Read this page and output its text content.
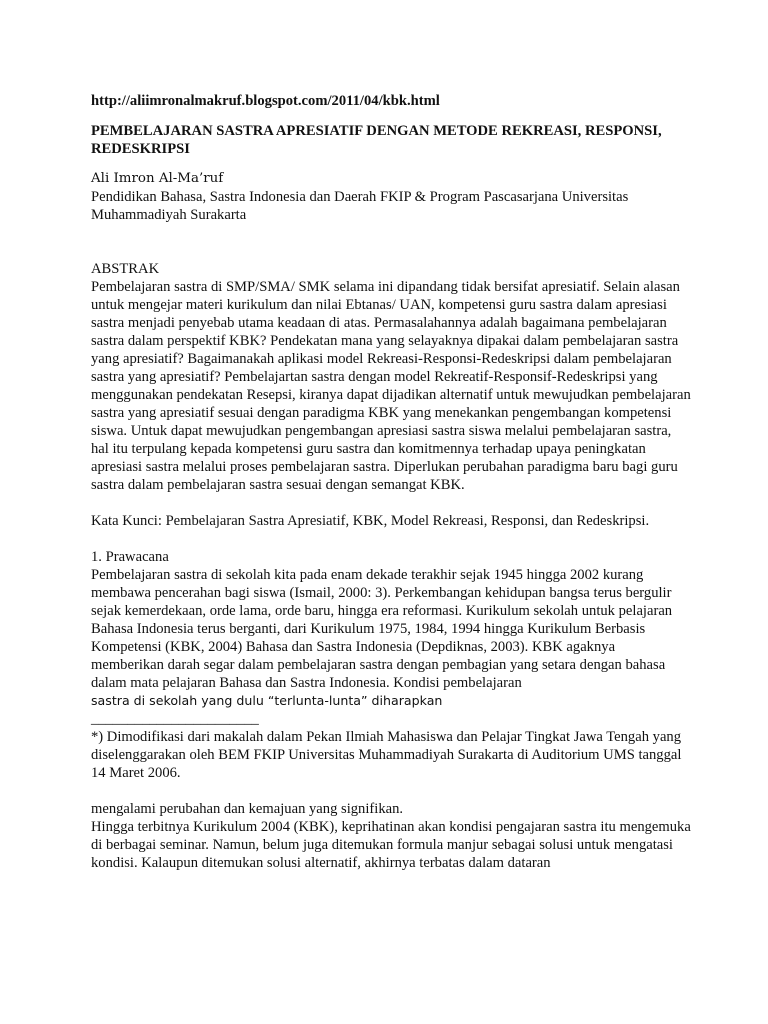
http://aliimronalmakruf.blogspot.com/2011/04/kbk.html

PEMBELAJARAN SASTRA APRESIATIF DENGAN METODE REKREASI, RESPONSI, REDESKRIPSI

Ali Imron Al-Ma’ruf

Pendidikan Bahasa, Sastra Indonesia dan Daerah FKIP & Program Pascasarjana Universitas Muhammadiyah Surakarta

ABSTRAK

Pembelajaran sastra di SMP/SMA/ SMK selama ini dipandang tidak bersifat apresiatif. Selain alasan untuk mengejar materi kurikulum dan nilai Ebtanas/ UAN, kompetensi guru sastra dalam apresiasi sastra menjadi penyebab utama keadaan di atas. Permasalahannya adalah bagaimana pembelajaran sastra dalam perspektif KBK? Pendekatan mana yang selayaknya dipakai dalam pembelajaran sastra yang apresiatif? Bagaimanakah aplikasi model Rekreasi-Responsi-Redeskripsi dalam pembelajaran sastra yang apresiatif? Pembelajartan sastra dengan model Rekreatif-Responsif-Redeskripsi yang menggunakan pendekatan Resepsi, kiranya dapat dijadikan alternatif untuk mewujudkan pembelajaran sastra yang apresiatif sesuai dengan paradigma KBK yang menekankan pengembangan kompetensi siswa. Untuk dapat mewujudkan pengembangan apresiasi sastra siswa melalui pembelajaran sastra, hal itu terpulang kepada kompetensi guru sastra dan komitmennya terhadap upaya peningkatan apresiasi sastra melalui proses pembelajaran sastra. Diperlukan perubahan paradigma baru bagi guru sastra dalam pembelajaran sastra sesuai dengan semangat KBK.

Kata Kunci: Pembelajaran Sastra Apresiatif, KBK, Model Rekreasi, Responsi, dan Redeskripsi.

1. Prawacana

Pembelajaran sastra di sekolah kita pada enam dekade terakhir sejak 1945 hingga 2002 kurang membawa pencerahan bagi siswa (Ismail, 2000: 3). Perkembangan kehidupan bangsa terus bergulir sejak kemerdekaan, orde lama, orde baru, hingga era reformasi. Kurikulum sekolah untuk pelajaran Bahasa Indonesia terus berganti, dari Kurikulum 1975, 1984, 1994 hingga Kurikulum Berbasis Kompetensi (KBK, 2004) Bahasa dan Sastra Indonesia (Depdiknas, 2003). KBK agaknya memberikan darah segar dalam pembelajaran sastra dengan pembagian yang setara dengan bahasa dalam mata pelajaran Bahasa dan Sastra Indonesia. Kondisi pembelajaran

sastra di sekolah yang dulu “terlunta-lunta” diharapkan

_______________________

*) Dimodifikasi dari makalah dalam Pekan Ilmiah Mahasiswa dan Pelajar Tingkat Jawa Tengah yang diselenggarakan oleh BEM FKIP Universitas Muhammadiyah Surakarta di Auditorium UMS tanggal 14 Maret 2006.

mengalami perubahan dan kemajuan yang signifikan.

Hingga terbitnya Kurikulum 2004 (KBK), keprihatinan akan kondisi pengajaran sastra itu mengemuka di berbagai seminar. Namun, belum juga ditemukan formula manjur sebagai solusi untuk mengatasi kondisi. Kalaupun ditemukan solusi alternatif, akhirnya terbatas dalam dataran
